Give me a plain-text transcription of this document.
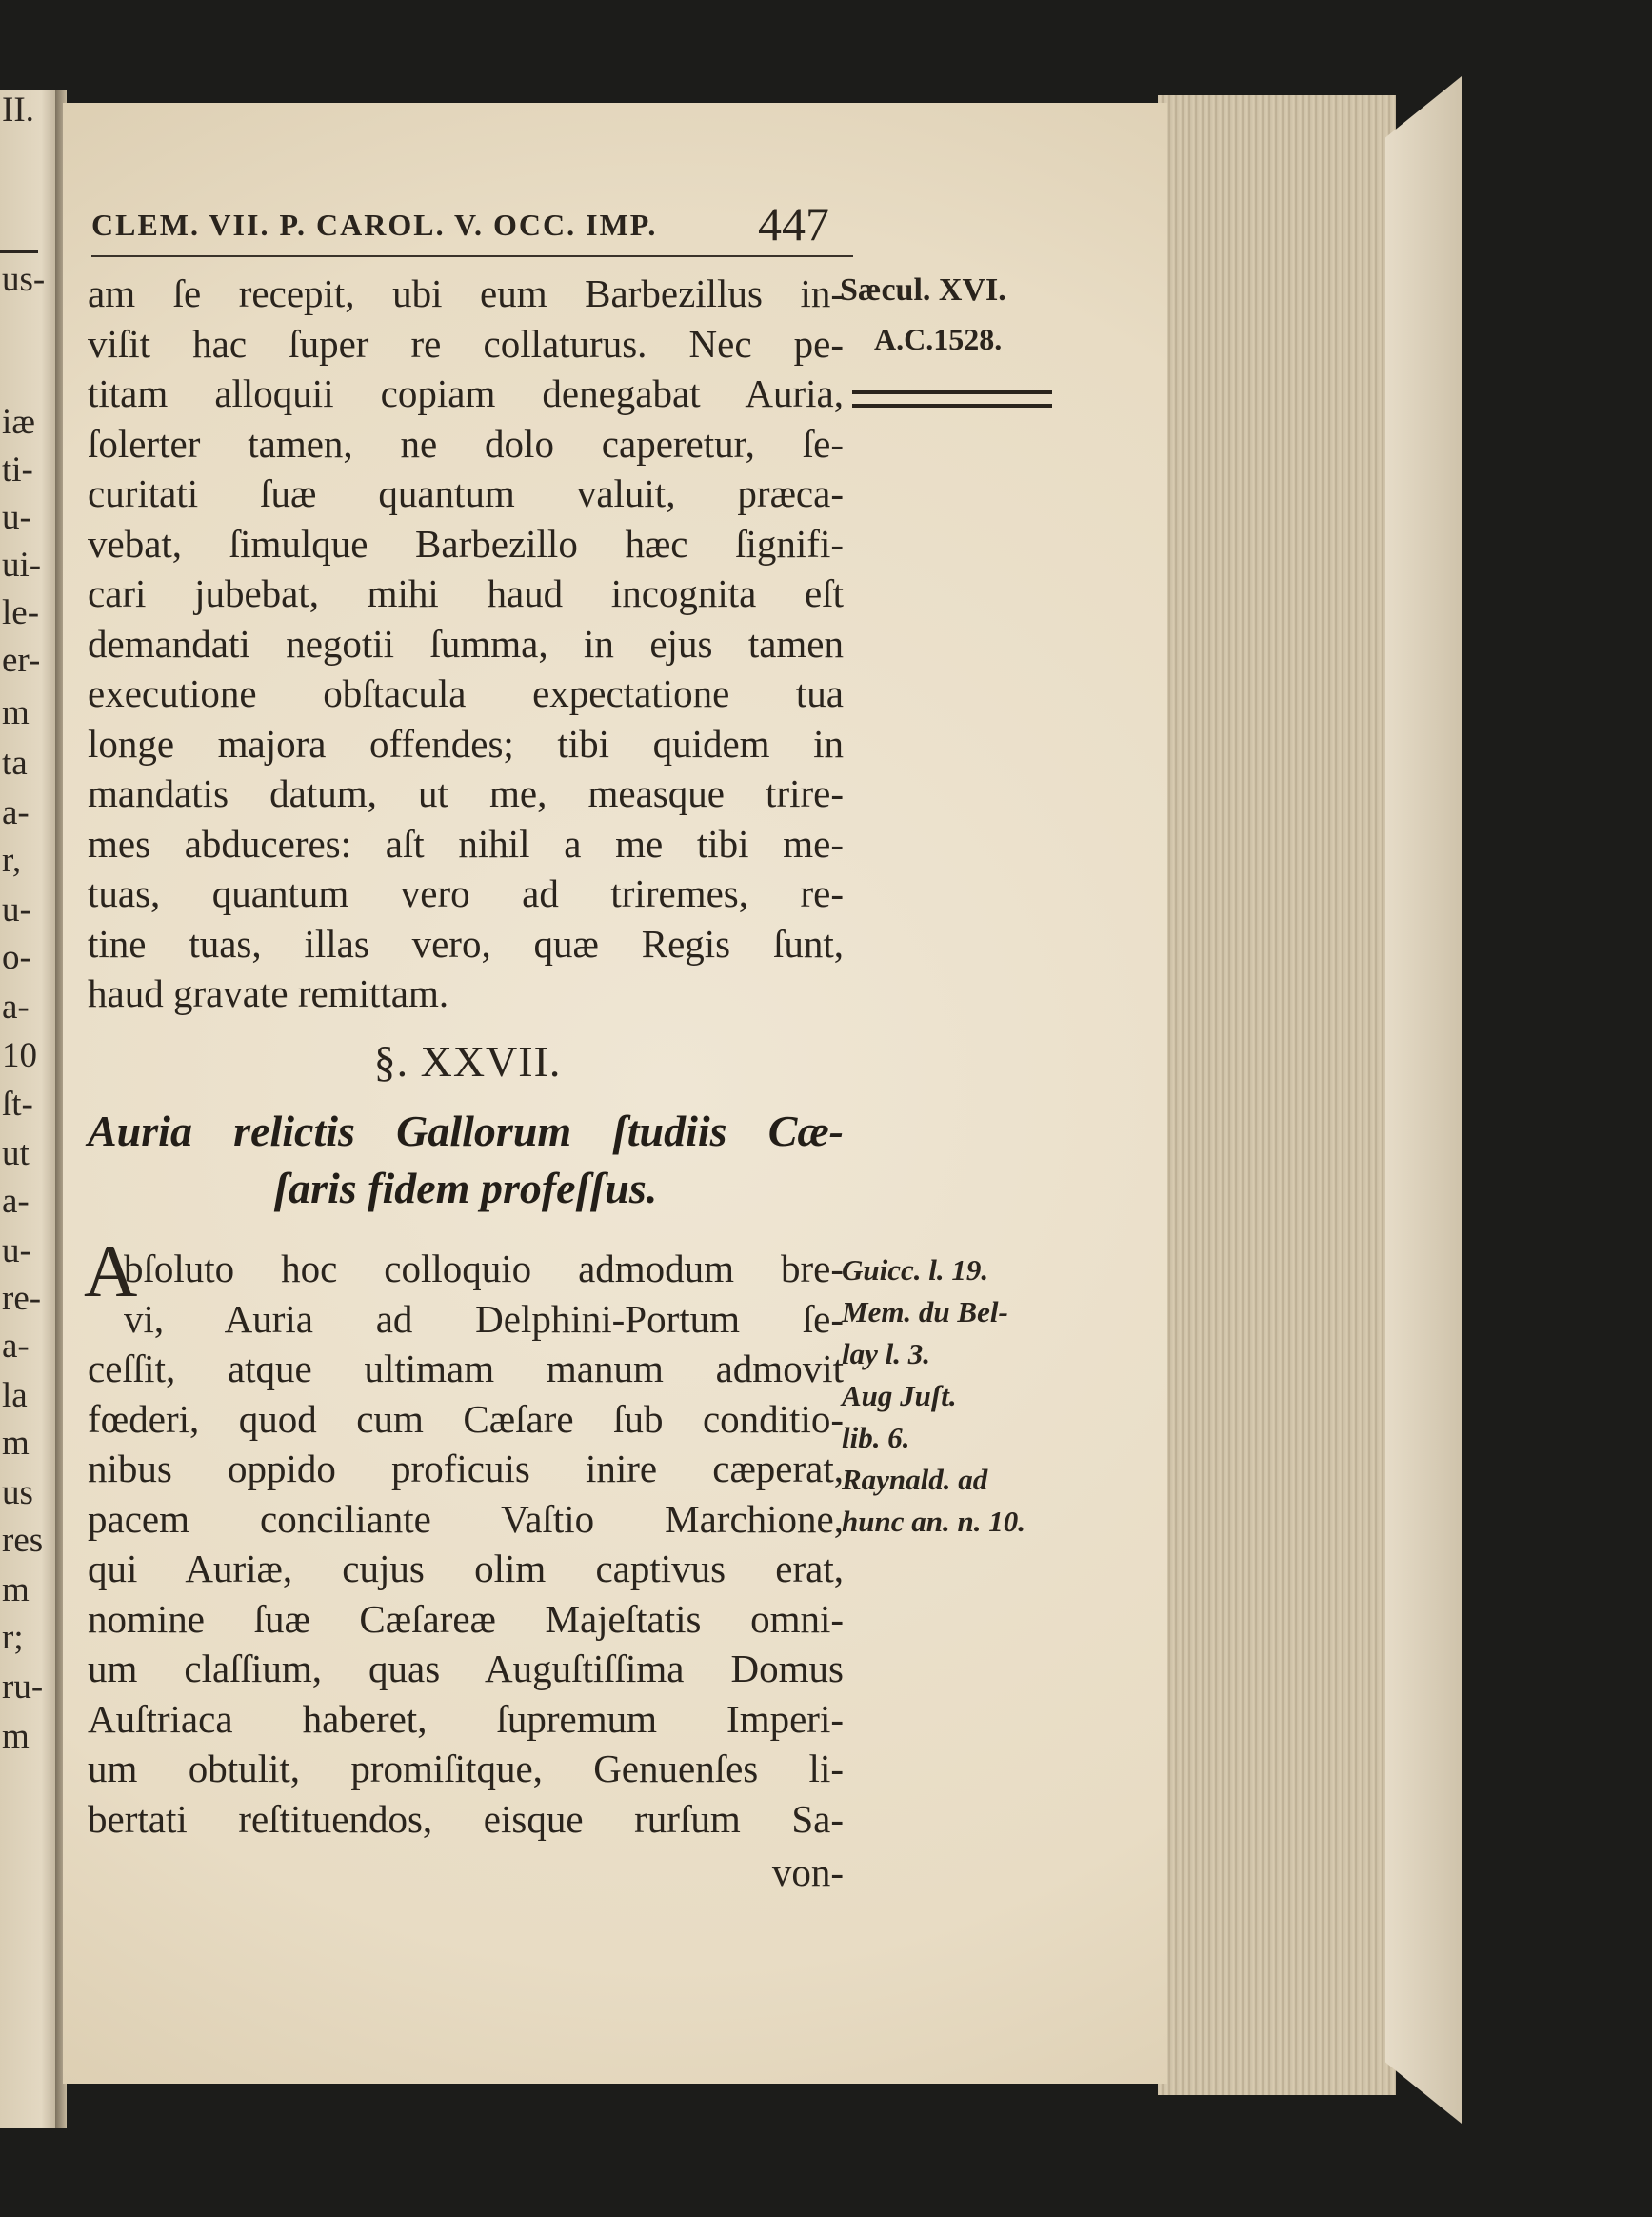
II.
us-
iæ
ti-
u-
ui-
le-
er-
m
ta
a-
r,
u-
o-
a-
10
ſt-
ut
a-
u-
re-
a-
la
m
us
res
m
r;
ru-
m
CLEM. VII. P. CAROL. V. OCC. IMP. 447
Sæcul. XVI.
A.C.1528.
am ſe recepit, ubi eum Barbezillus in-
viſit hac ſuper re collaturus. Nec pe-
titam alloquii copiam denegabat Auria,
ſolerter tamen, ne dolo caperetur, ſe-
curitati ſuæ quantum valuit, præca-
vebat, ſimulque Barbezillo hæc ſignifi-
cari jubebat, mihi haud incognita eſt
demandati negotii ſumma, in ejus tamen
executione obſtacula expectatione tua
longe majora offendes; tibi quidem in
mandatis datum, ut me, measque trire-
mes abduceres: aſt nihil a me tibi me-
tuas, quantum vero ad triremes, re-
tine tuas, illas vero, quæ Regis ſunt,
haud gravate remittam.
§. XXVII.
Auria relictis Gallorum ſtudiis Cæ-
ſaris fidem profeſſus.
A
bſoluto hoc colloquio admodum bre-
vi, Auria ad Delphini-Portum ſe-
ceſſit, atque ultimam manum admovit
fœderi, quod cum Cæſare ſub conditio-
nibus oppido proficuis inire cæperat,
pacem conciliante Vaſtio Marchione,
qui Auriæ, cujus olim captivus erat,
nomine ſuæ Cæſareæ Majeſtatis omni-
um claſſium, quas Auguſtiſſima Domus
Auſtriaca haberet, ſupremum Imperi-
um obtulit, promiſitque, Genuenſes li-
bertati reſtituendos, eisque rurſum Sa-
Guicc. l. 19.
Mem. du Bel-
lay l. 3.
Aug Juſt.
lib. 6.
Raynald. ad
hunc an. n. 10.
von-
